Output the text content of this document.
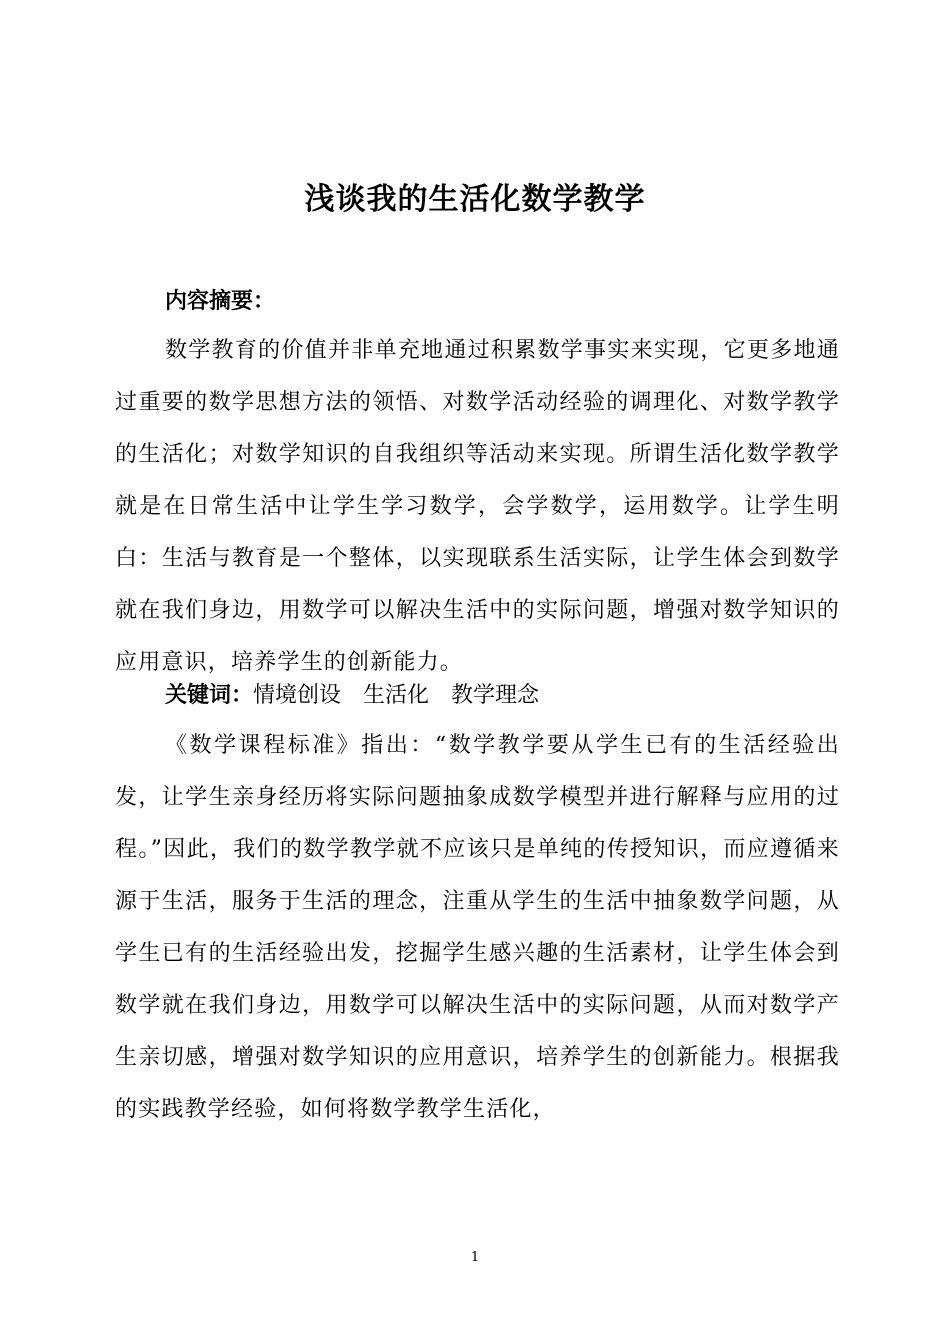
浅谈我的生活化数学教学
内容摘要：

数学教育的价值并非单充地通过积累数学事实来实现，它更多地通过重要的数学思想方法的领悟、对数学活动经验的调理化、对数学教学的生活化；对数学知识的自我组织等活动来实现。所谓生活化数学教学就是在日常生活中让学生学习数学，会学数学，运用数学。让学生明白：生活与教育是一个整体，以实现联系生活实际，让学生体会到数学就在我们身边，用数学可以解决生活中的实际问题，增强对数学知识的应用意识，培养学生的创新能力。

关键词：情境创设 生活化 教学理念

《数学课程标准》指出：“数学教学要从学生已有的生活经验出发，让学生亲身经历将实际问题抽象成数学模型并进行解释与应用的过程。”因此，我们的数学教学就不应该只是单纯的传授知识，而应遵循来源于生活，服务于生活的理念，注重从学生的生活中抽象数学问题，从学生已有的生活经验出发，挖掘学生感兴趣的生活素材，让学生体会到数学就在我们身边，用数学可以解决生活中的实际问题，从而对数学产生亲切感，增强对数学知识的应用意识，培养学生的创新能力。根据我的实践教学经验，如何将数学教学生活化，

1
